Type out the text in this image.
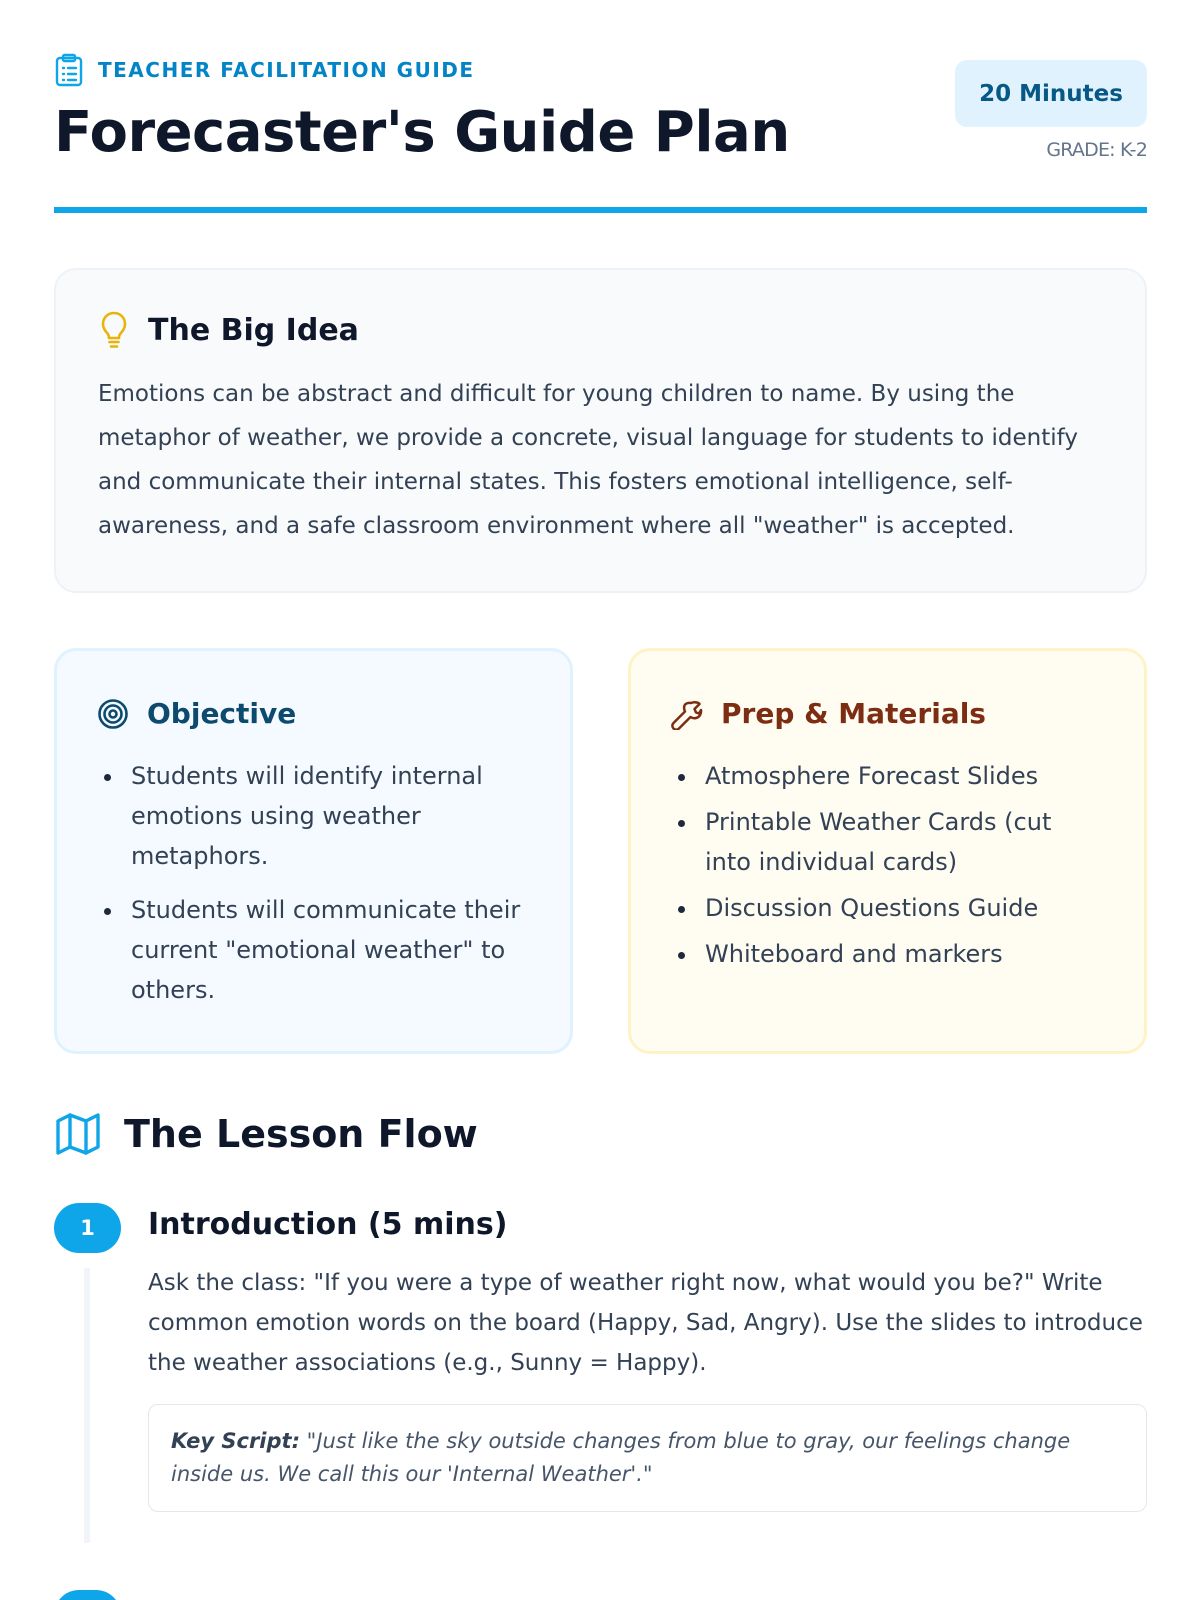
TEACHER FACILITATION GUIDE
Forecaster's Guide Plan
20 Minutes
GRADE: K-2
The Big Idea

Emotions can be abstract and difficult for young children to name. By using the metaphor of weather, we provide a concrete, visual language for students to identify and communicate their internal states. This fosters emotional intelligence, self-awareness, and a safe classroom environment where all "weather" is accepted.

Objective
Students will identify internal emotions using weather metaphors.
Students will communicate their current "emotional weather" to others.
Prep & Materials
Atmosphere Forecast Slides
Printable Weather Cards (cut into individual cards)
Discussion Questions Guide
Whiteboard and markers
The Lesson Flow
1	Introduction (5 mins)

Ask the class: "If you were a type of weather right now, what would you be?" Write common emotion words on the board (Happy, Sad, Angry). Use the slides to introduce the weather associations (e.g., Sunny = Happy).

Key Script: "Just like the sky outside changes from blue to gray, our feelings change inside us. We call this our 'Internal Weather'."
